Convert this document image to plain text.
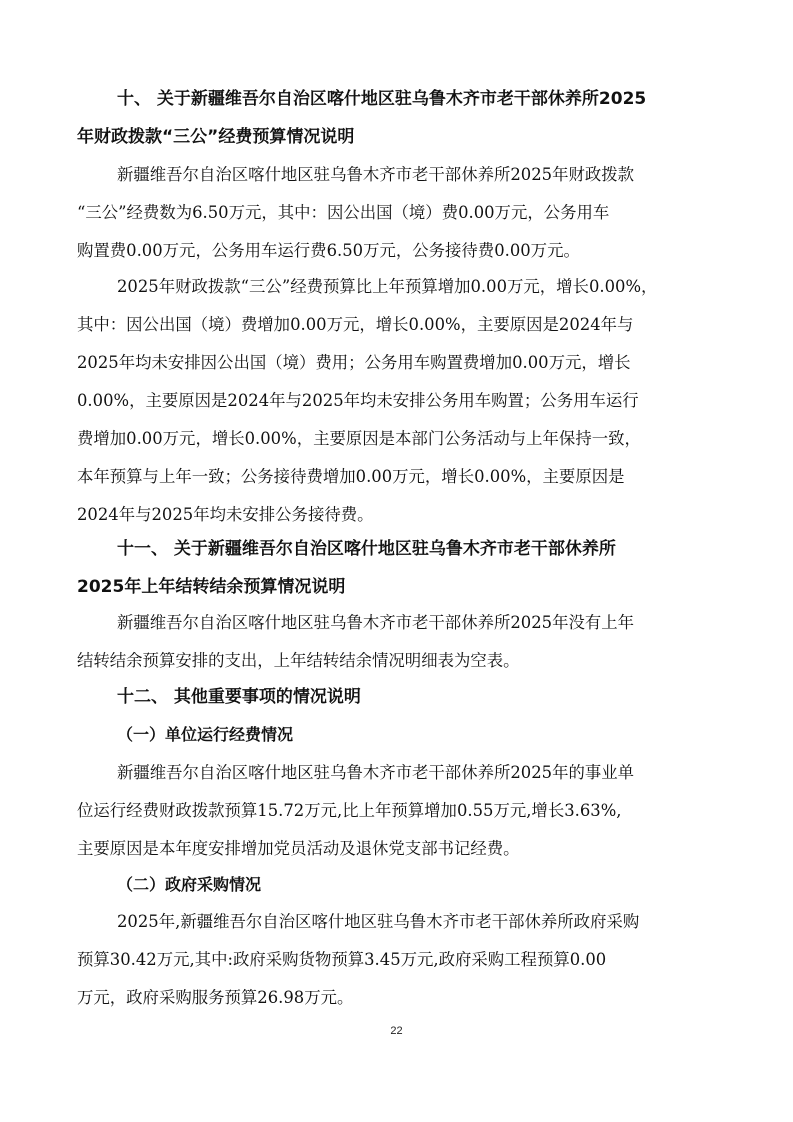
十、 关于新疆维吾尔自治区喀什地区驻乌鲁木齐市老干部休养所2025

年财政拨款“三公”经费预算情况说明

新疆维吾尔自治区喀什地区驻乌鲁木齐市老干部休养所2025年财政拨款

“三公”经费数为6.50万元，其中：因公出国（境）费0.00万元，公务用车

购置费0.00万元，公务用车运行费6.50万元，公务接待费0.00万元。

2025年财政拨款“三公”经费预算比上年预算增加0.00万元，增长0.00%，

其中：因公出国（境）费增加0.00万元，增长0.00%，主要原因是2024年与

2025年均未安排因公出国（境）费用；公务用车购置费增加0.00万元，增长

0.00%，主要原因是2024年与2025年均未安排公务用车购置；公务用车运行

费增加0.00万元，增长0.00%，主要原因是本部门公务活动与上年保持一致，

本年预算与上年一致；公务接待费增加0.00万元，增长0.00%，主要原因是

2024年与2025年均未安排公务接待费。

十一、 关于新疆维吾尔自治区喀什地区驻乌鲁木齐市老干部休养所

2025年上年结转结余预算情况说明

新疆维吾尔自治区喀什地区驻乌鲁木齐市老干部休养所2025年没有上年

结转结余预算安排的支出，上年结转结余情况明细表为空表。

十二、 其他重要事项的情况说明

（一）单位运行经费情况

新疆维吾尔自治区喀什地区驻乌鲁木齐市老干部休养所2025年的事业单

位运行经费财政拨款预算15.72万元,比上年预算增加0.55万元,增长3.63%,

主要原因是本年度安排增加党员活动及退休党支部书记经费。

（二）政府采购情况

2025年,新疆维吾尔自治区喀什地区驻乌鲁木齐市老干部休养所政府采购

预算30.42万元,其中:政府采购货物预算3.45万元,政府采购工程预算0.00

万元，政府采购服务预算26.98万元。

22
